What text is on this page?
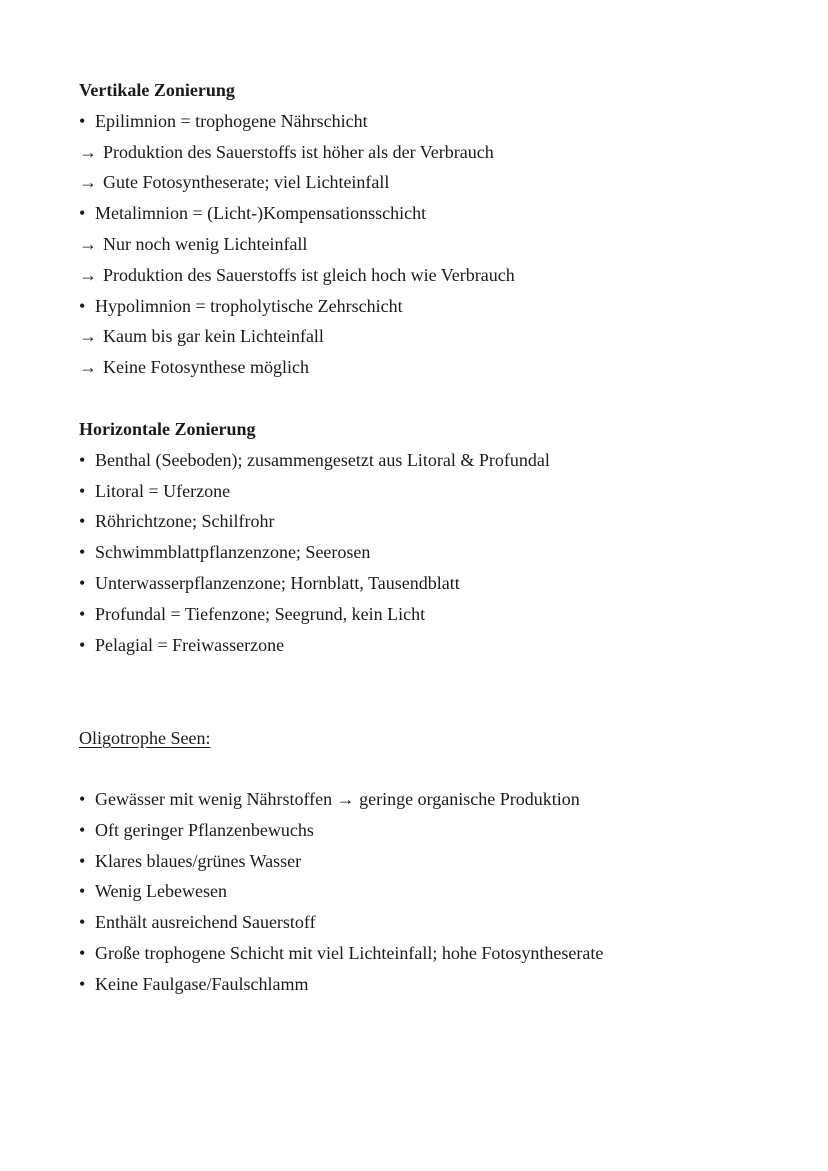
Vertikale Zonierung
• Epilimnion = trophogene Nährschicht
→ Produktion des Sauerstoffs ist höher als der Verbrauch
→ Gute Fotosyntheserate; viel Lichteinfall
• Metalimnion = (Licht-)Kompensationsschicht
→ Nur noch wenig Lichteinfall
→ Produktion des Sauerstoffs ist gleich hoch wie Verbrauch
• Hypolimnion = tropholytische Zehrschicht
→ Kaum bis gar kein Lichteinfall
→ Keine Fotosynthese möglich
Horizontale Zonierung
• Benthal (Seeboden); zusammengesetzt aus Litoral & Profundal
• Litoral = Uferzone
• Röhrichtzone; Schilfrohr
• Schwimmblattpflanzenzone; Seerosen
• Unterwasserpflanzenzone; Hornblatt, Tausendblatt
• Profundal = Tiefenzone; Seegrund, kein Licht
• Pelagial = Freiwasserzone
Oligotrophe Seen:
• Gewässer mit wenig Nährstoffen → geringe organische Produktion
• Oft geringer Pflanzenbewuchs
• Klares blaues/grünes Wasser
• Wenig Lebewesen
• Enthält ausreichend Sauerstoff
• Große trophogene Schicht mit viel Lichteinfall; hohe Fotosyntheserate
• Keine Faulgase/Faulschlamm
